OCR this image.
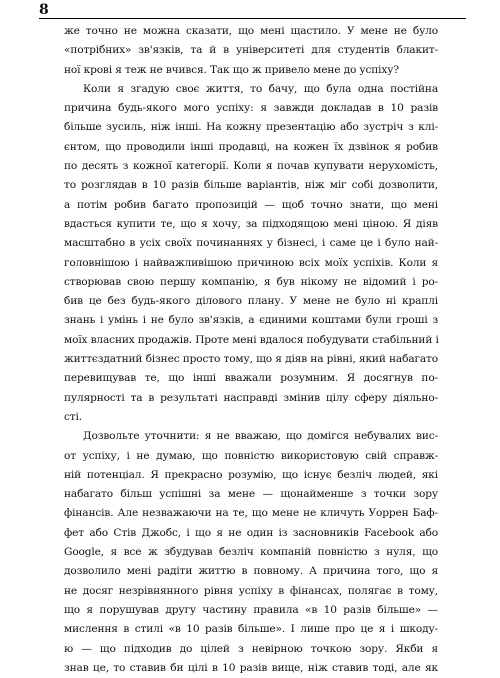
8
же точно не можна сказати, що мені щастило. У мене не було
«потрібних» зв'язків, та й в університеті для студентів блакит-
ної крові я теж не вчився. Так що ж привело мене до успіху?
Коли я згадую своє життя, то бачу, що була одна постійна
причина будь-якого мого успіху: я завжди докладав в 10 разів
більше зусиль, ніж інші. На кожну презентацію або зустріч з клі-
єнтом, що проводили інші продавці, на кожен їх дзвінок я робив
по десять з кожної категорії. Коли я почав купувати нерухомість,
то розглядав в 10 разів більше варіантів, ніж міг собі дозволити,
а потім робив багато пропозицій — щоб точно знати, що мені
вдасться купити те, що я хочу, за підходящою мені ціною. Я діяв
масштабно в усіх своїх починаннях у бізнесі, і саме це і було най-
головнішою і найважливішою причиною всіх моїх успіхів. Коли я
створював свою першу компанію, я був нікому не відомий і ро-
бив це без будь-якого ділового плану. У мене не було ні краплі
знань і умінь і не було зв'язків, а єдиними коштами були гроші з
моїх власних продажів. Проте мені вдалося побудувати стабільний і
життєздатний бізнес просто тому, що я діяв на рівні, який набагато
перевищував те, що інші вважали розумним. Я досягнув по-
пулярності та в результаті насправді змінив цілу сферу діяльно-
сті.
Дозвольте уточнити: я не вважаю, що домігся небувалих вис-
от успіху, і не думаю, що повністю використовую свій справж-
ній потенціал. Я прекрасно розумію, що існує безліч людей, які
набагато більш успішні за мене — щонайменше з точки зору
фінансів. Але незважаючи на те, що мене не кличуть Уоррен Баф-
фет або Стів Джобс, і що я не один із засновників Facebook або
Google, я все ж збудував безліч компаній повністю з нуля, що
дозволило мені радіти життю в повному. А причина того, що я
не досяг незрівнянного рівня успіху в фінансах, полягає в тому,
що я порушував другу частину правила «в 10 разів більше» —
мислення в стилі «в 10 разів більше». І лише про це я і шкоду-
ю — що підходив до цілей з невірною точкою зору. Якби я
знав це, то ставив би цілі в 10 разів вище, ніж ставив тоді, але як
